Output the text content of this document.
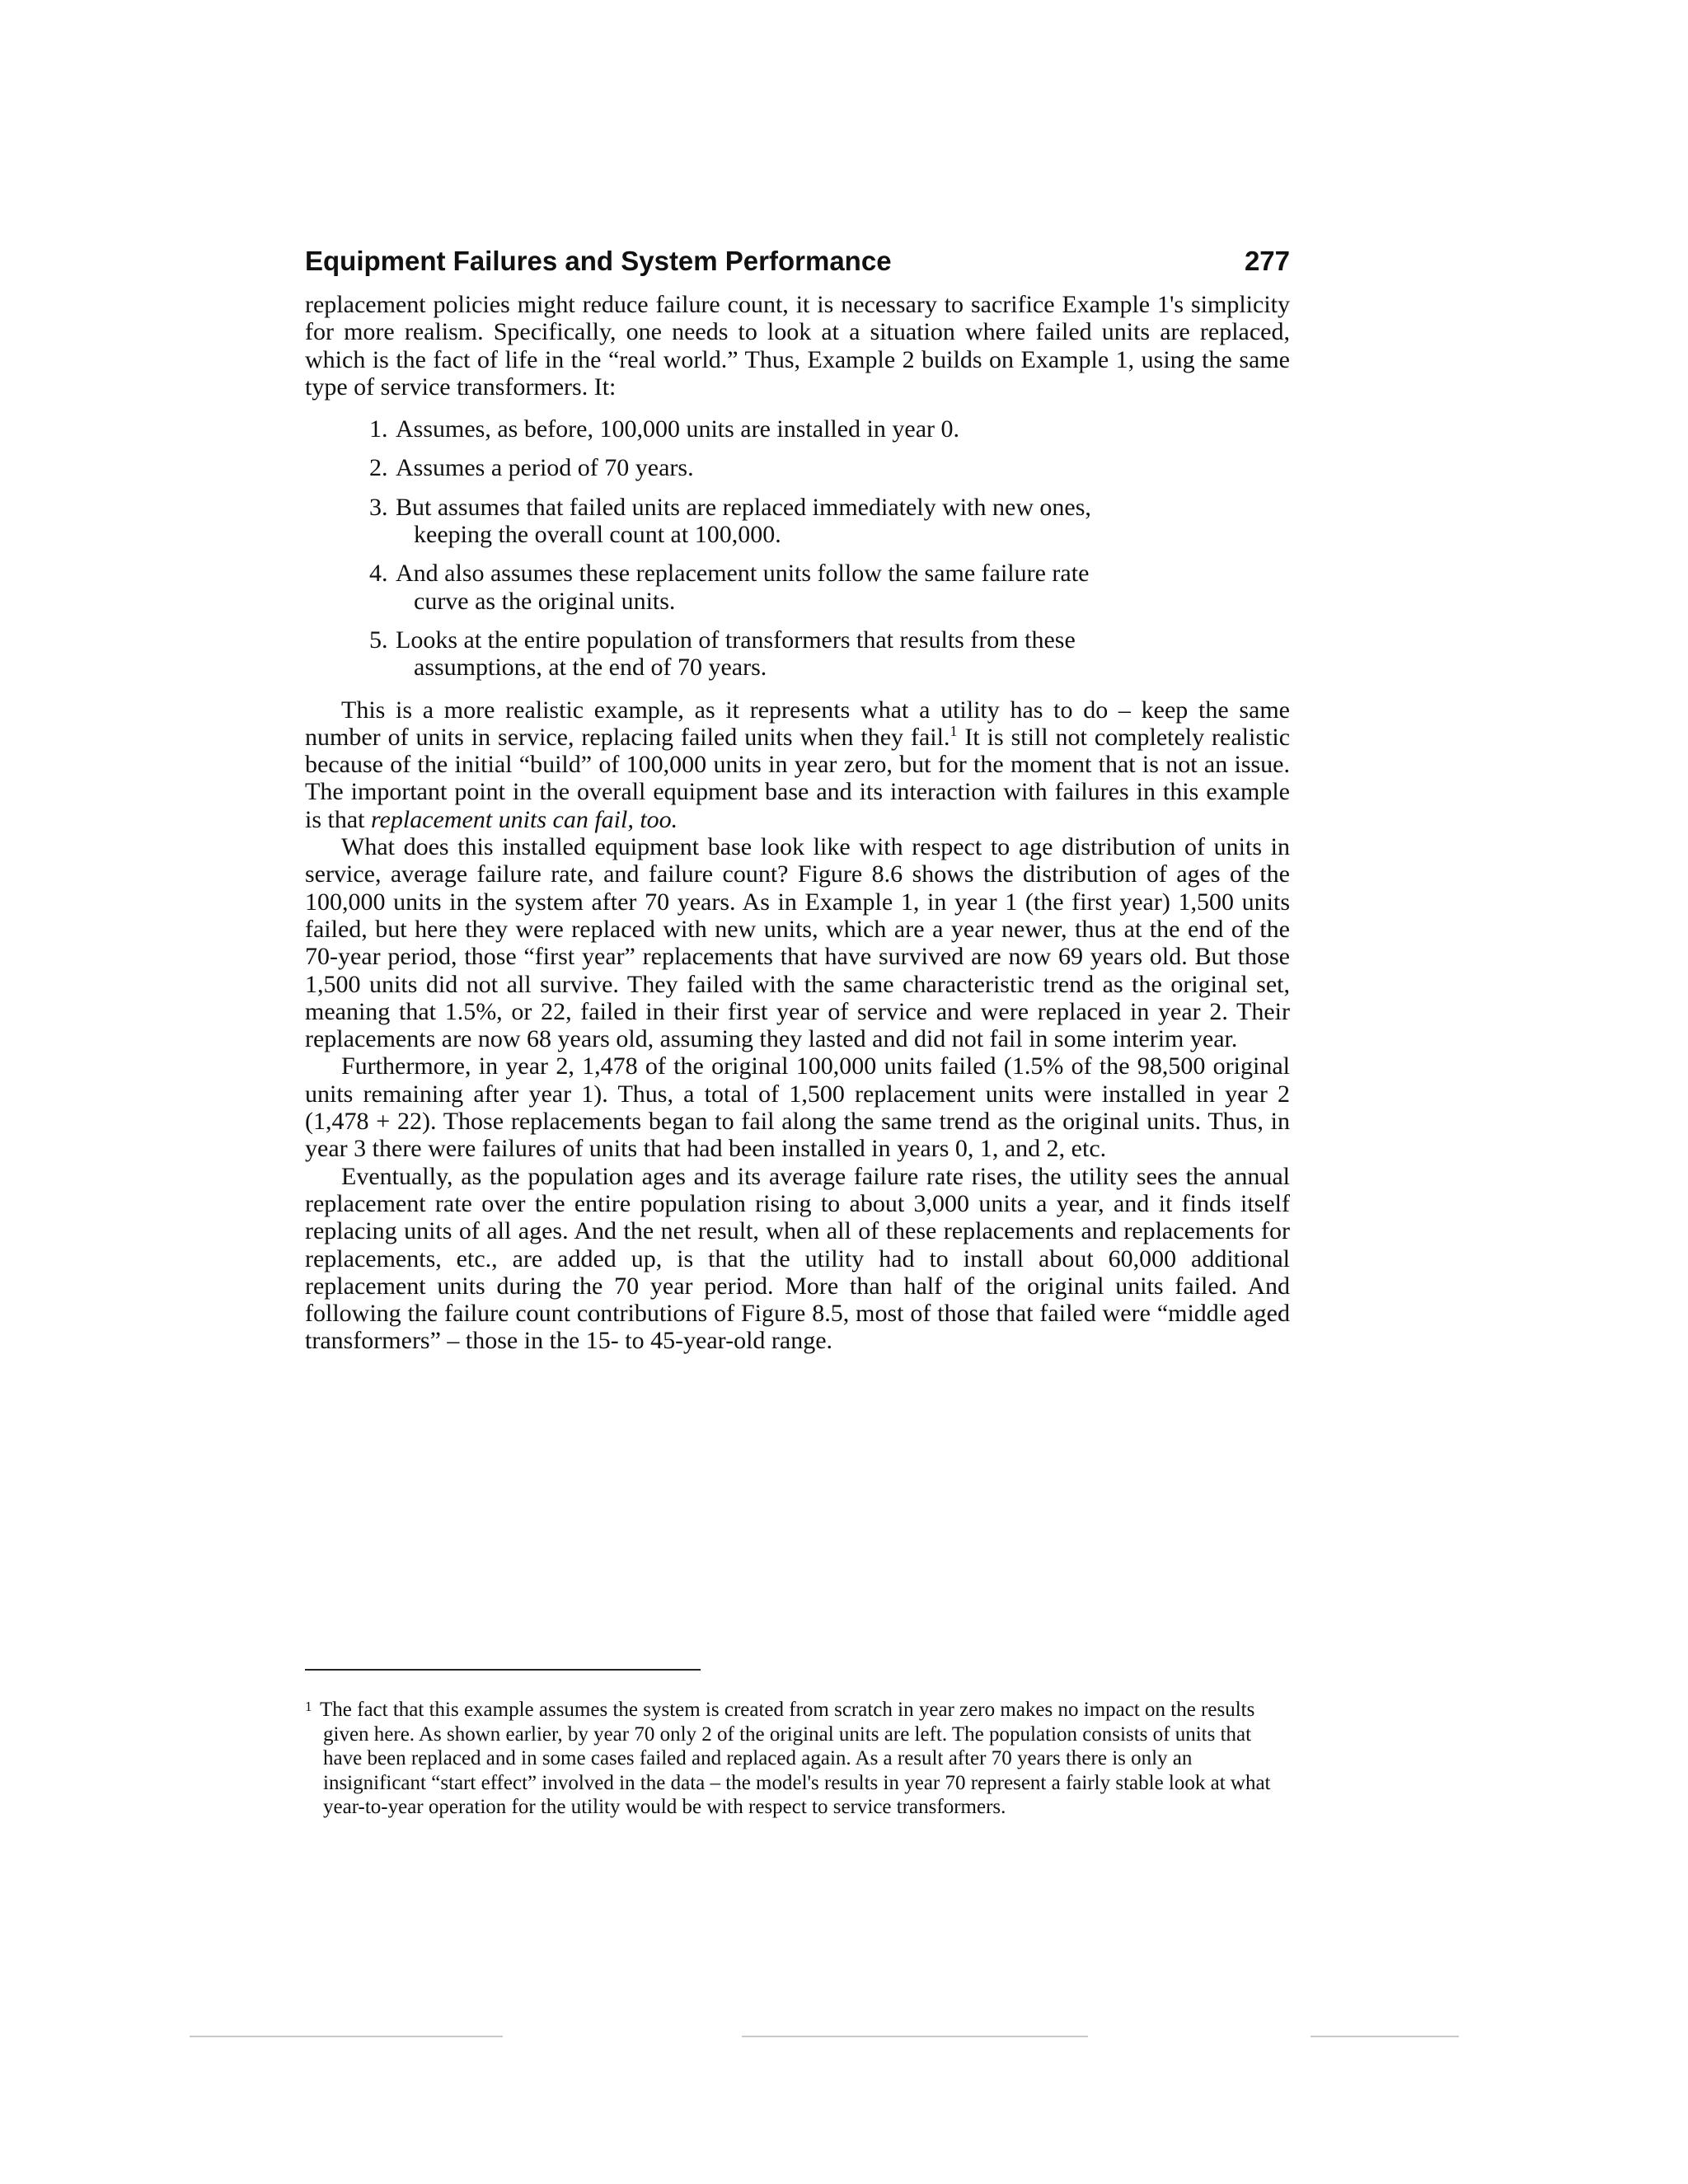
Equipment Failures and System Performance	277

replacement policies might reduce failure count, it is necessary to sacrifice Example 1's simplicity for more realism. Specifically, one needs to look at a situation where failed units are replaced, which is the fact of life in the “real world.” Thus, Example 2 builds on Example 1, using the same type of service transformers. It:

1 . Assumes, as before, 100,000 units are installed in year 0.
2 . Assumes a period of 70 years.
3 . But assumes that failed units are replaced immediately with new ones, keeping the overall count at 100,000.
4 . And also assumes these replacement units follow the same failure rate curve as the original units.
5 . Looks at the entire population of transformers that results from these assumptions, at the end of 70 years.

This is a more realistic example, as it represents what a utility has to do – keep the same number of units in service, replacing failed units when they fail.$^1$ It is still not completely realistic because of the initial “build” of 100,000 units in year zero, but for the moment that is not an issue. The important point in the overall equipment base and its interaction with failures in this example is that replacement units can fail, too.

What does this installed equipment base look like with respect to age distribution of units in service, average failure rate, and failure count? Figure 8.6 shows the distribution of ages of the 100,000 units in the system after 70 years. As in Example 1, in year 1 (the first year) 1,500 units failed, but here they were replaced with new units, which are a year newer, thus at the end of the 70-year period, those “first year” replacements that have survived are now 69 years old. But those 1,500 units did not all survive. They failed with the same characteristic trend as the original set, meaning that 1.5%, or 22, failed in their first year of service and were replaced in year 2. Their replacements are now 68 years old, assuming they lasted and did not fail in some interim year.

Furthermore, in year 2, 1,478 of the original 100,000 units failed (1.5% of the 98,500 original units remaining after year 1). Thus, a total of 1,500 replacement units were installed in year 2 (1,478 + 22). Those replacements began to fail along the same trend as the original units. Thus, in year 3 there were failures of units that had been installed in years 0, 1, and 2, etc.

Eventually, as the population ages and its average failure rate rises, the utility sees the annual replacement rate over the entire population rising to about 3,000 units a year, and it finds itself replacing units of all ages. And the net result, when all of these replacements and replacements for replacements, etc., are added up, is that the utility had to install about 60,000 additional replacement units during the 70 year period. More than half of the original units failed. And following the failure count contributions of Figure 8.5, most of those that failed were “middle aged transformers” – those in the 15- to 45-year-old range.

1 The fact that this example assumes the system is created from scratch in year zero makes no impact on the results given here. As shown earlier, by year 70 only 2 of the original units are left. The population consists of units that have been replaced and in some cases failed and replaced again. As a result after 70 years there is only an insignificant “start effect” involved in the data – the model's results in year 70 represent a fairly stable look at what year-to-year operation for the utility would be with respect to service transformers.
